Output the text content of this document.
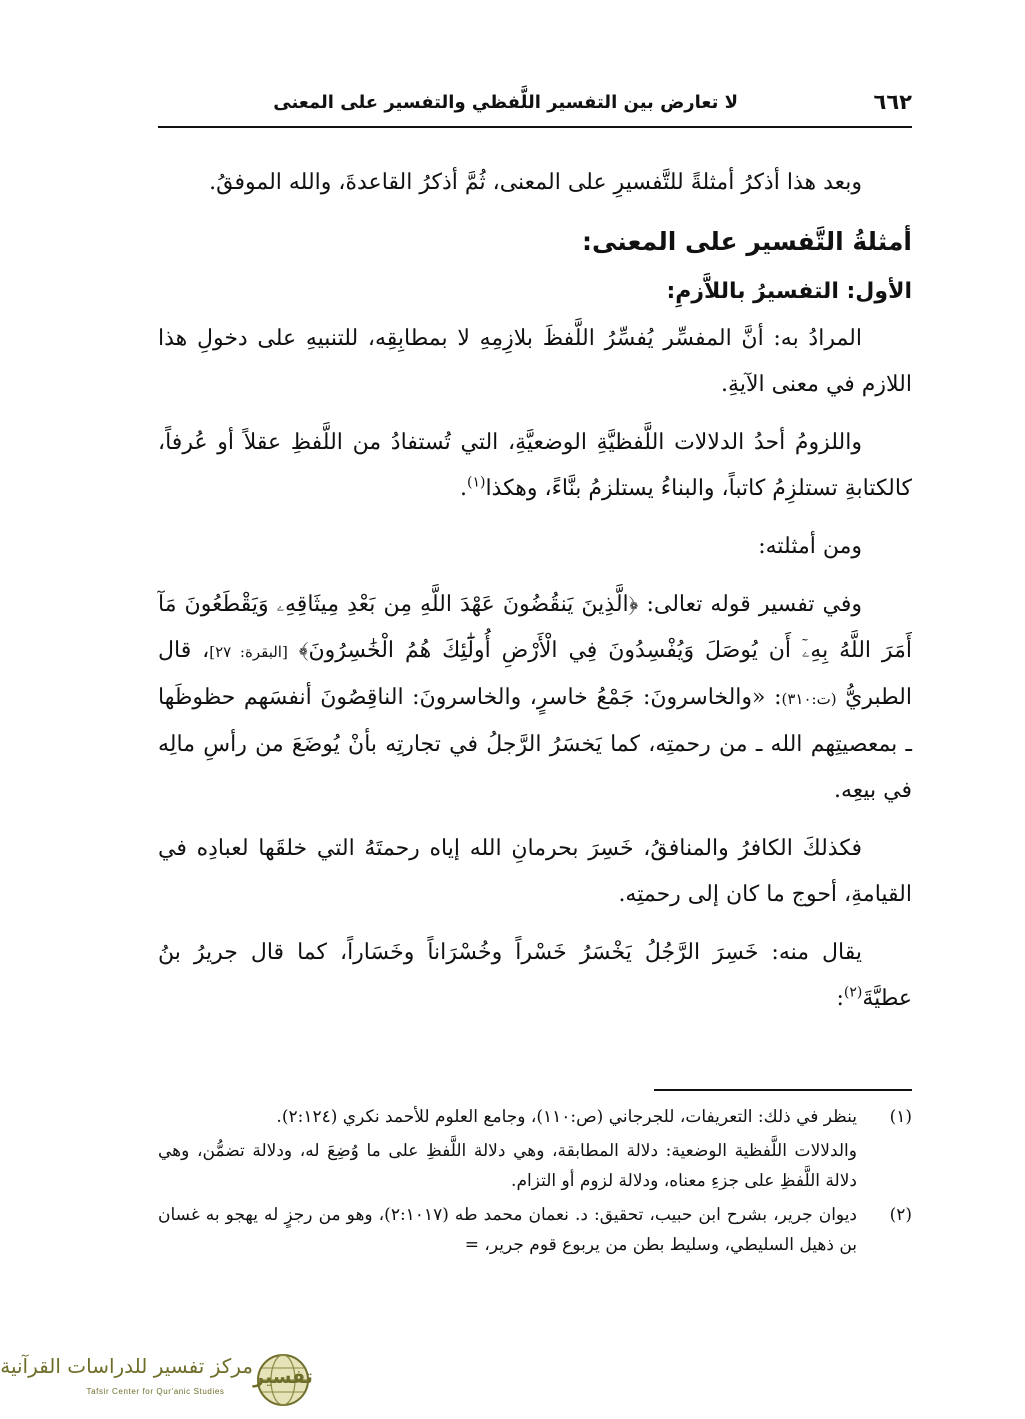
٦٦٢
لا تعارض بين التفسير اللَّفظي والتفسير على المعنى

وبعد هذا أذكرُ أمثلةً للتَّفسيرِ على المعنى، ثُمَّ أذكرُ القاعدةَ، والله الموفقُ.

أمثلةُ التَّفسير على المعنى:
الأول: التفسيرُ باللاَّزمِ:

المرادُ به: أنَّ المفسِّر يُفسِّرُ اللَّفظَ بلازِمِهِ لا بمطابِقِه، للتنبيهِ على دخولِ هذا اللازم في معنى الآيةِ.

واللزومُ أحدُ الدلالات اللَّفظيَّةِ الوضعيَّةِ، التي تُستفادُ من اللَّفظِ عقلاً أو عُرفاً، كالكتابةِ تستلزِمُ كاتباً، والبناءُ يستلزمُ بنَّاءً، وهكذا$^{(١)}$.

ومن أمثلته:

وفي تفسير قوله تعالى: ﴿الَّذِينَ يَنقُضُونَ عَهْدَ اللَّهِ مِن بَعْدِ مِيثَاقِهِۦ وَيَقْطَعُونَ مَآ أَمَرَ اللَّهُ بِهِۦٓ أَن يُوصَلَ وَيُفْسِدُونَ فِي الْأَرْضِ أُولَٰٓئِكَ هُمُ الْخَٰسِرُونَ﴾ [البقرة: ٢٧]، قال الطبريُّ (ت:٣١٠): «والخاسرونَ: جَمْعُ خاسرٍ، والخاسرونَ: الناقِصُونَ أنفسَهم حظوظَها ـ بمعصيتِهم الله ـ من رحمتِه، كما يَخسَرُ الرَّجلُ في تجارتِه بأنْ يُوضَعَ من رأسِ مالِه في بيعِه.

فكذلكَ الكافرُ والمنافقُ، خَسِرَ بحرمانِ الله إياه رحمتَهُ التي خلقَها لعبادِه في القيامةِ، أحوج ما كان إلى رحمتِه.

يقال منه: خَسِرَ الرَّجُلُ يَخْسَرُ خَسْراً وخُسْرَاناً وخَسَاراً، كما قال جريرُ بنُ عطيَّةَ$^{(٢)}$:

(١)
ينظر في ذلك: التعريفات، للجرجاني (ص:١١٠)، وجامع العلوم للأحمد نكري (٢:١٢٤).
والدلالات اللَّفظية الوضعية: دلالة المطابقة، وهي دلالة اللَّفظِ على ما وُضِعَ له، ودلالة تضمُّن، وهي دلالة اللَّفظِ على جزءِ معناه، ودلالة لزوم أو التزام.
(٢)
ديوان جرير، بشرح ابن حبيب، تحقيق: د. نعمان محمد طه (٢:١٠١٧)، وهو من رجزٍ له يهجو به غسان بن ذهيل السليطي، وسليط بطن من يربوع قوم جرير، =
مركز تفسير للدراسات القرآنية
Tafsir Center for Qur'anic Studies
تفسير
